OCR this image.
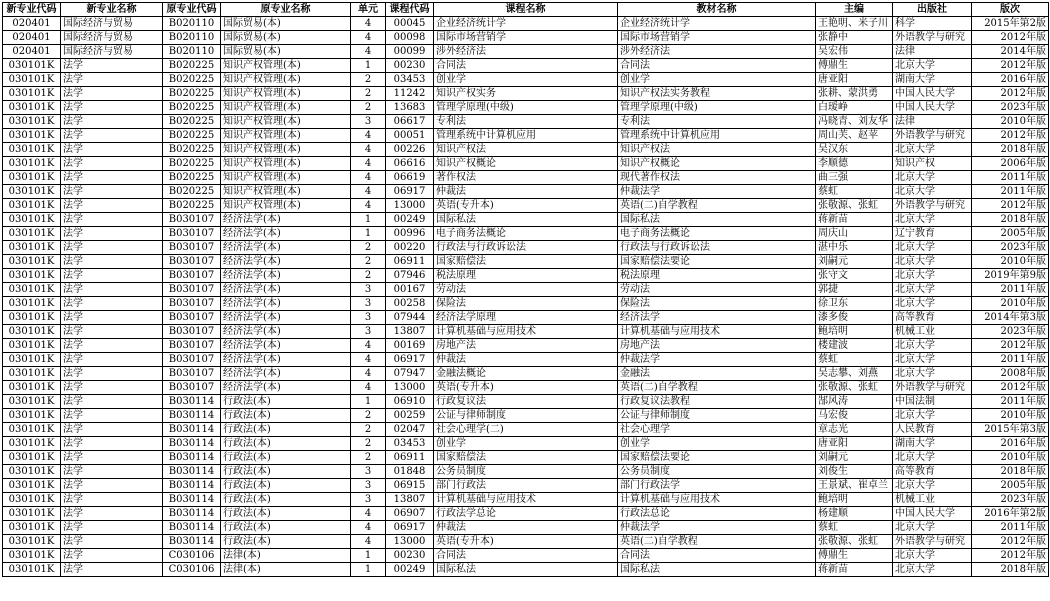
新专业代码	新专业名称	原专业代码	原专业名称	单元	课程代码	课程名称	教材名称	主编	出版社	版次
020401	国际经济与贸易	B020110	国际贸易(本)	4	00045	企业经济统计学	企业经济统计学	王艳明、米子川	科学	2015年第2版
020401	国际经济与贸易	B020110	国际贸易(本)	4	00098	国际市场营销学	国际市场营销学	张静中	外语教学与研究	2012年版
020401	国际经济与贸易	B020110	国际贸易(本)	4	00099	涉外经济法	涉外经济法	吴宏伟	法律	2014年版
030101K	法学	B020225	知识产权管理(本)	1	00230	合同法	合同法	傅鼎生	北京大学	2012年版
030101K	法学	B020225	知识产权管理(本)	2	03453	创业学	创业学	唐亚阳	湖南大学	2016年版
030101K	法学	B020225	知识产权管理(本)	2	11242	知识产权实务	知识产权法实务教程	张耕、蒙洪勇	中国人民大学	2012年版
030101K	法学	B020225	知识产权管理(本)	2	13683	管理学原理(中级)	管理学原理(中级)	白瑷峥	中国人民大学	2023年版
030101K	法学	B020225	知识产权管理(本)	3	06617	专利法	专利法	冯晓青、刘友华	法律	2010年版
030101K	法学	B020225	知识产权管理(本)	4	00051	管理系统中计算机应用	管理系统中计算机应用	周山芙、赵苹	外语教学与研究	2012年版
030101K	法学	B020225	知识产权管理(本)	4	00226	知识产权法	知识产权法	吴汉东	北京大学	2018年版
030101K	法学	B020225	知识产权管理(本)	4	06616	知识产权概论	知识产权概论	李顺德	知识产权	2006年版
030101K	法学	B020225	知识产权管理(本)	4	06619	著作权法	现代著作权法	曲三强	北京大学	2011年版
030101K	法学	B020225	知识产权管理(本)	4	06917	仲裁法	仲裁法学	蔡虹	北京大学	2011年版
030101K	法学	B020225	知识产权管理(本)	4	13000	英语(专升本)	英语(二)自学教程	张敬源、张虹	外语教学与研究	2012年版
030101K	法学	B030107	经济法学(本)	1	00249	国际私法	国际私法	蒋新苗	北京大学	2018年版
030101K	法学	B030107	经济法学(本)	1	00996	电子商务法概论	电子商务法概论	周庆山	辽宁教育	2005年版
030101K	法学	B030107	经济法学(本)	2	00220	行政法与行政诉讼法	行政法与行政诉讼法	湛中乐	北京大学	2023年版
030101K	法学	B030107	经济法学(本)	2	06911	国家赔偿法	国家赔偿法要论	刘嗣元	北京大学	2010年版
030101K	法学	B030107	经济法学(本)	2	07946	税法原理	税法原理	张守文	北京大学	2019年第9版
030101K	法学	B030107	经济法学(本)	3	00167	劳动法	劳动法	郭捷	北京大学	2011年版
030101K	法学	B030107	经济法学(本)	3	00258	保险法	保险法	徐卫东	北京大学	2010年版
030101K	法学	B030107	经济法学(本)	3	07944	经济法学原理	经济法学	漆多俊	高等教育	2014年第3版
030101K	法学	B030107	经济法学(本)	3	13807	计算机基础与应用技术	计算机基础与应用技术	鲍培明	机械工业	2023年版
030101K	法学	B030107	经济法学(本)	4	00169	房地产法	房地产法	楼建波	北京大学	2012年版
030101K	法学	B030107	经济法学(本)	4	06917	仲裁法	仲裁法学	蔡虹	北京大学	2011年版
030101K	法学	B030107	经济法学(本)	4	07947	金融法概论	金融法	吴志攀、刘燕	北京大学	2008年版
030101K	法学	B030107	经济法学(本)	4	13000	英语(专升本)	英语(二)自学教程	张敬源、张虹	外语教学与研究	2012年版
030101K	法学	B030114	行政法(本)	1	06910	行政复议法	行政复议法教程	郜风涛	中国法制	2011年版
030101K	法学	B030114	行政法(本)	2	00259	公证与律师制度	公证与律师制度	马宏俊	北京大学	2010年版
030101K	法学	B030114	行政法(本)	2	02047	社会心理学(二)	社会心理学	章志光	人民教育	2015年第3版
030101K	法学	B030114	行政法(本)	2	03453	创业学	创业学	唐亚阳	湖南大学	2016年版
030101K	法学	B030114	行政法(本)	2	06911	国家赔偿法	国家赔偿法要论	刘嗣元	北京大学	2010年版
030101K	法学	B030114	行政法(本)	3	01848	公务员制度	公务员制度	刘俊生	高等教育	2018年版
030101K	法学	B030114	行政法(本)	3	06915	部门行政法	部门行政法学	王景斌、崔卓兰	北京大学	2005年版
030101K	法学	B030114	行政法(本)	3	13807	计算机基础与应用技术	计算机基础与应用技术	鲍培明	机械工业	2023年版
030101K	法学	B030114	行政法(本)	4	06907	行政法学总论	行政法总论	杨建顺	中国人民大学	2016年第2版
030101K	法学	B030114	行政法(本)	4	06917	仲裁法	仲裁法学	蔡虹	北京大学	2011年版
030101K	法学	B030114	行政法(本)	4	13000	英语(专升本)	英语(二)自学教程	张敬源、张虹	外语教学与研究	2012年版
030101K	法学	C030106	法律(本)	1	00230	合同法	合同法	傅鼎生	北京大学	2012年版
030101K	法学	C030106	法律(本)	1	00249	国际私法	国际私法	蒋新苗	北京大学	2018年版
